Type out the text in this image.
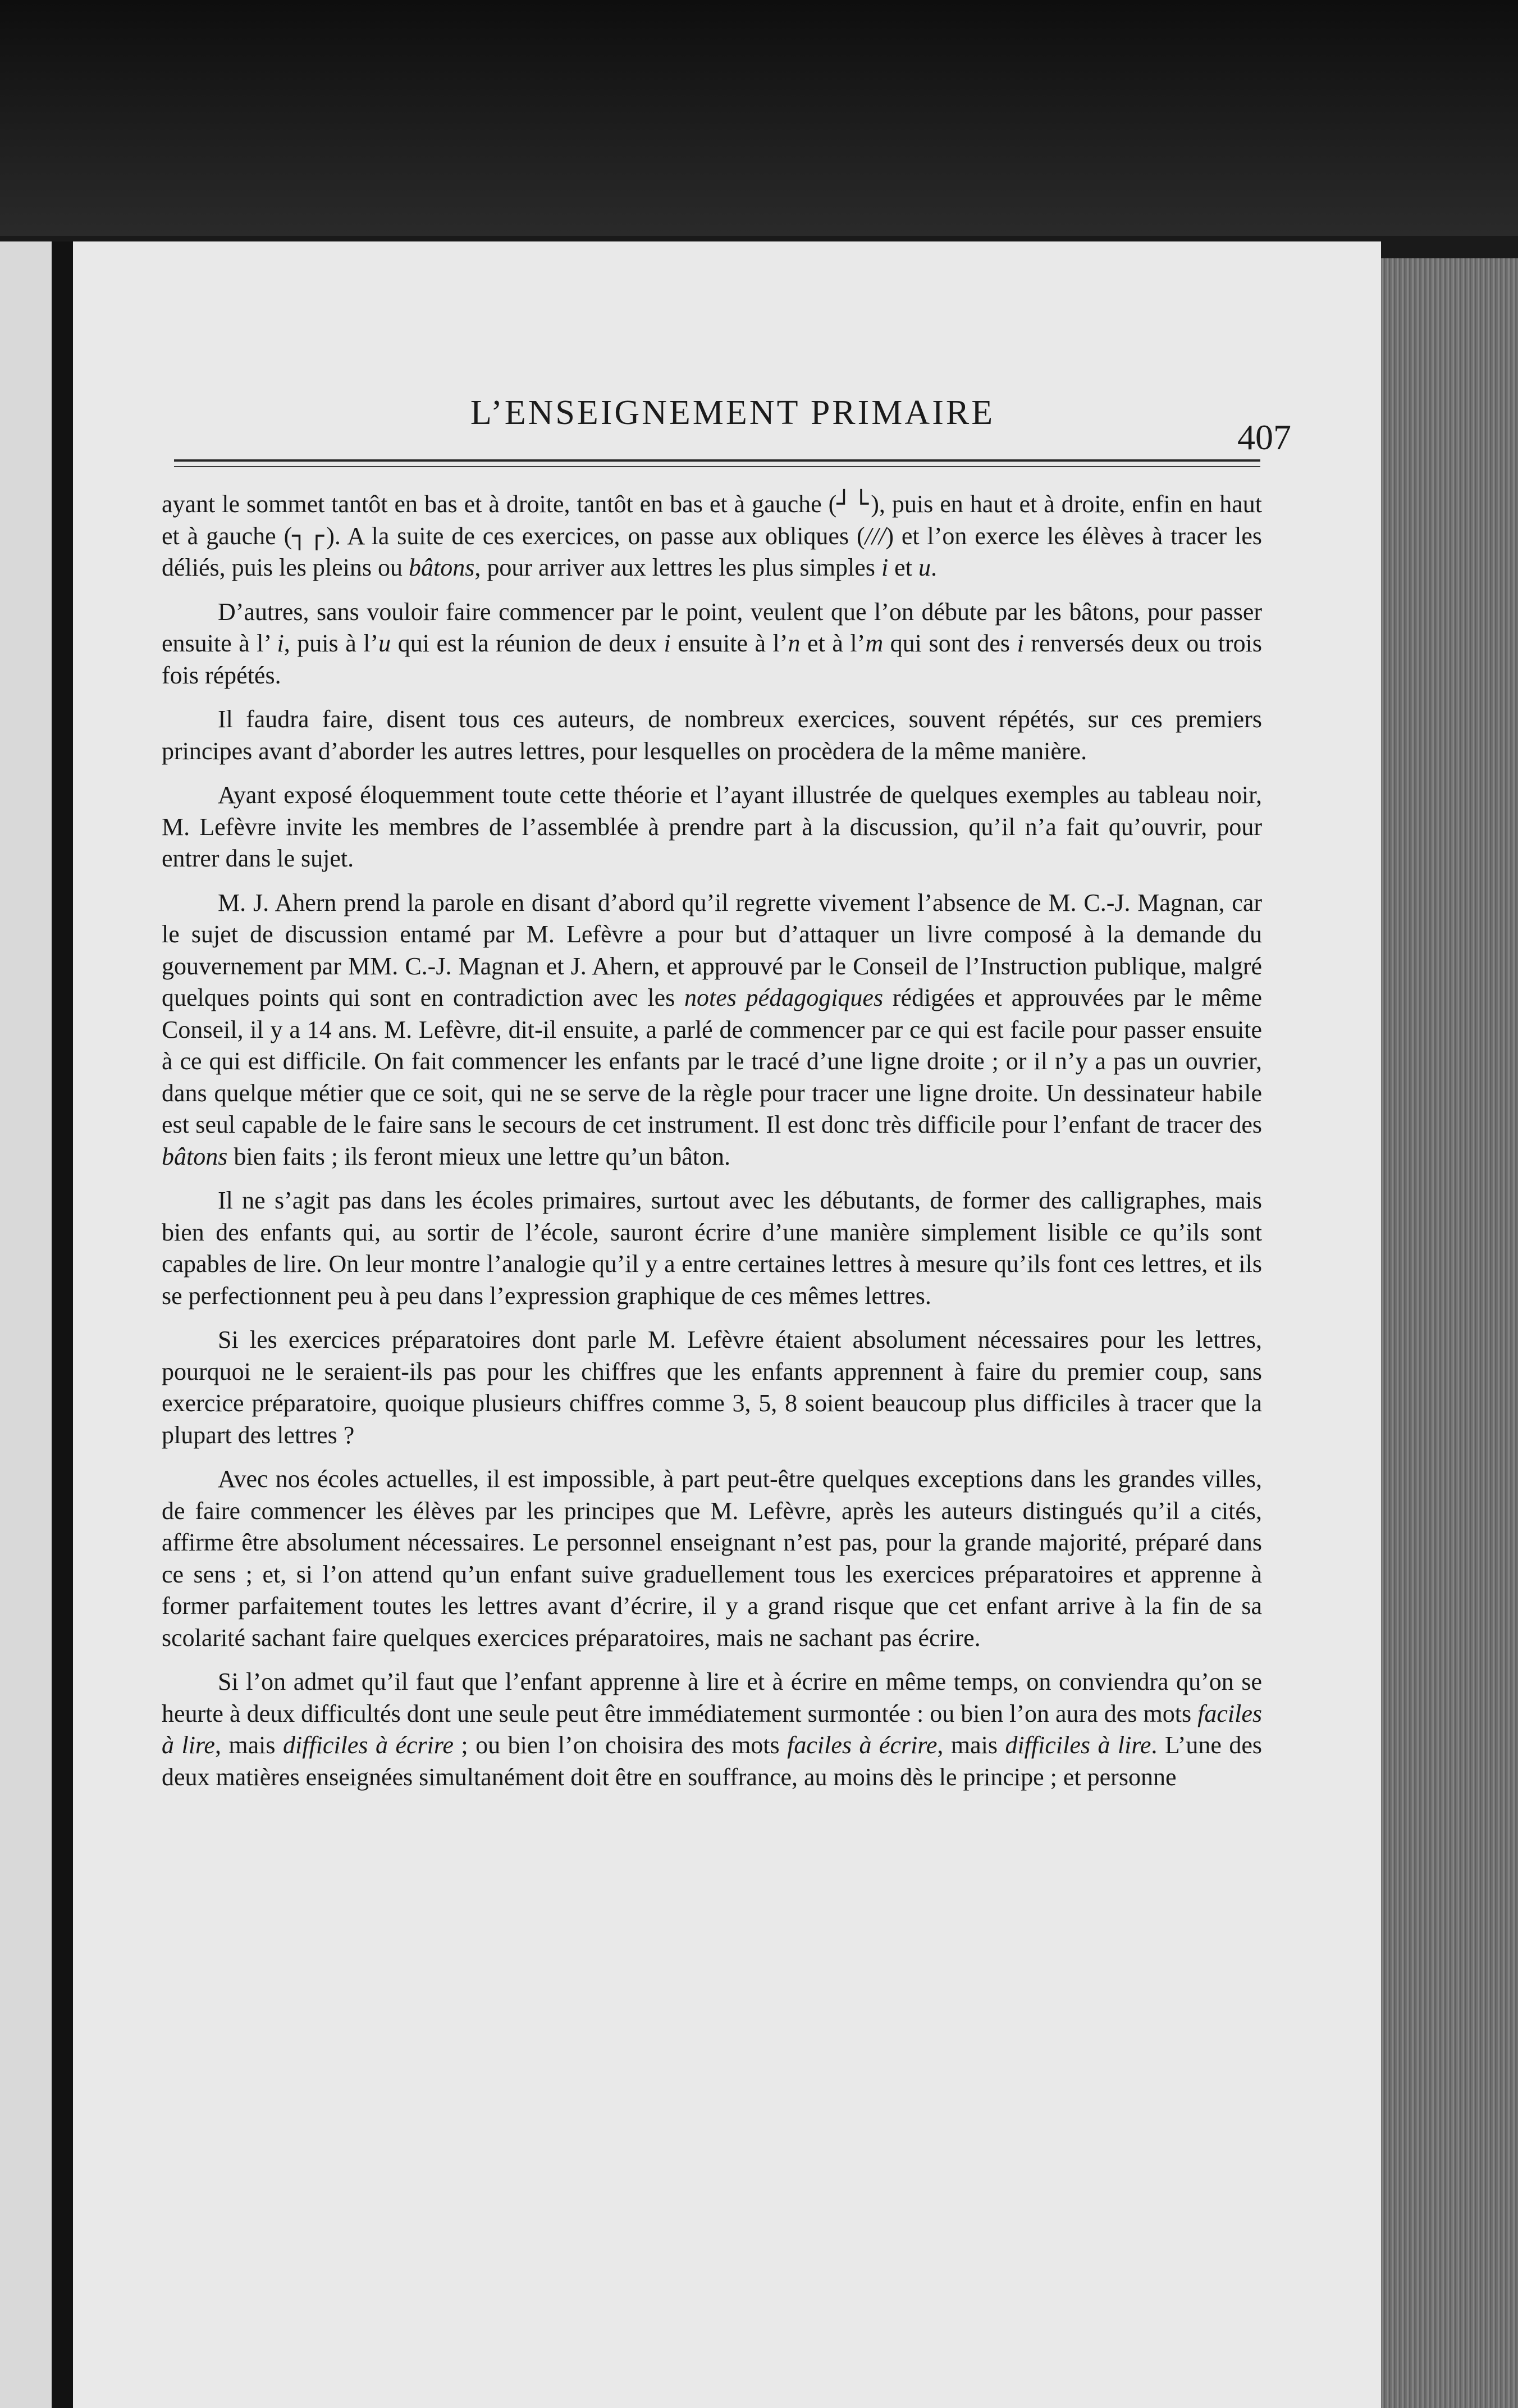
L’ENSEIGNEMENT PRIMAIRE
407

ayant le sommet tantôt en bas et à droite, tantôt en bas et à gauche (┘└), puis en haut et à droite, enfin en haut et à gauche (┐┌). A la suite de ces exercices, on passe aux obliques (///) et l’on exerce les élèves à tracer les déliés, puis les pleins ou bâtons, pour arriver aux lettres les plus simples i et u.

D’autres, sans vouloir faire commencer par le point, veulent que l’on débute par les bâtons, pour passer ensuite à l’ i, puis à l’u qui est la réunion de deux i ensuite à l’n et à l’m qui sont des i renversés deux ou trois fois répétés.

Il faudra faire, disent tous ces auteurs, de nombreux exercices, souvent répétés, sur ces premiers principes avant d’aborder les autres lettres, pour lesquelles on procèdera de la même manière.

Ayant exposé éloquemment toute cette théorie et l’ayant illustrée de quelques exemples au tableau noir, M. Lefèvre invite les membres de l’assemblée à prendre part à la discussion, qu’il n’a fait qu’ouvrir, pour entrer dans le sujet.

M. J. Ahern prend la parole en disant d’abord qu’il regrette vivement l’absence de M. C.-J. Magnan, car le sujet de discussion entamé par M. Lefèvre a pour but d’attaquer un livre composé à la demande du gouvernement par MM. C.-J. Magnan et J. Ahern, et approuvé par le Conseil de l’Instruction publique, malgré quelques points qui sont en contradiction avec les notes pédagogiques rédigées et approuvées par le même Conseil, il y a 14 ans. M. Lefèvre, dit-il ensuite, a parlé de commencer par ce qui est facile pour passer ensuite à ce qui est difficile. On fait commencer les enfants par le tracé d’une ligne droite ; or il n’y a pas un ouvrier, dans quelque métier que ce soit, qui ne se serve de la règle pour tracer une ligne droite. Un dessinateur habile est seul capable de le faire sans le secours de cet instrument. Il est donc très difficile pour l’enfant de tracer des bâtons bien faits ; ils feront mieux une lettre qu’un bâton.

Il ne s’agit pas dans les écoles primaires, surtout avec les débutants, de former des calligraphes, mais bien des enfants qui, au sortir de l’école, sauront écrire d’une manière simplement lisible ce qu’ils sont capables de lire. On leur montre l’analogie qu’il y a entre certaines lettres à mesure qu’ils font ces lettres, et ils se perfectionnent peu à peu dans l’expression graphique de ces mêmes lettres.

Si les exercices préparatoires dont parle M. Lefèvre étaient absolument nécessaires pour les lettres, pourquoi ne le seraient-ils pas pour les chiffres que les enfants apprennent à faire du premier coup, sans exercice préparatoire, quoique plusieurs chiffres comme 3, 5, 8 soient beaucoup plus difficiles à tracer que la plupart des lettres ?

Avec nos écoles actuelles, il est impossible, à part peut-être quelques exceptions dans les grandes villes, de faire commencer les élèves par les principes que M. Lefèvre, après les auteurs distingués qu’il a cités, affirme être absolument nécessaires. Le personnel enseignant n’est pas, pour la grande majorité, préparé dans ce sens ; et, si l’on attend qu’un enfant suive graduellement tous les exercices préparatoires et apprenne à former parfaitement toutes les lettres avant d’écrire, il y a grand risque que cet enfant arrive à la fin de sa scolarité sachant faire quelques exercices préparatoires, mais ne sachant pas écrire.

Si l’on admet qu’il faut que l’enfant apprenne à lire et à écrire en même temps, on conviendra qu’on se heurte à deux difficultés dont une seule peut être immédiatement surmontée : ou bien l’on aura des mots faciles à lire, mais difficiles à écrire ; ou bien l’on choisira des mots faciles à écrire, mais difficiles à lire. L’une des deux matières enseignées simultanément doit être en souffrance, au moins dès le principe ; et personne
